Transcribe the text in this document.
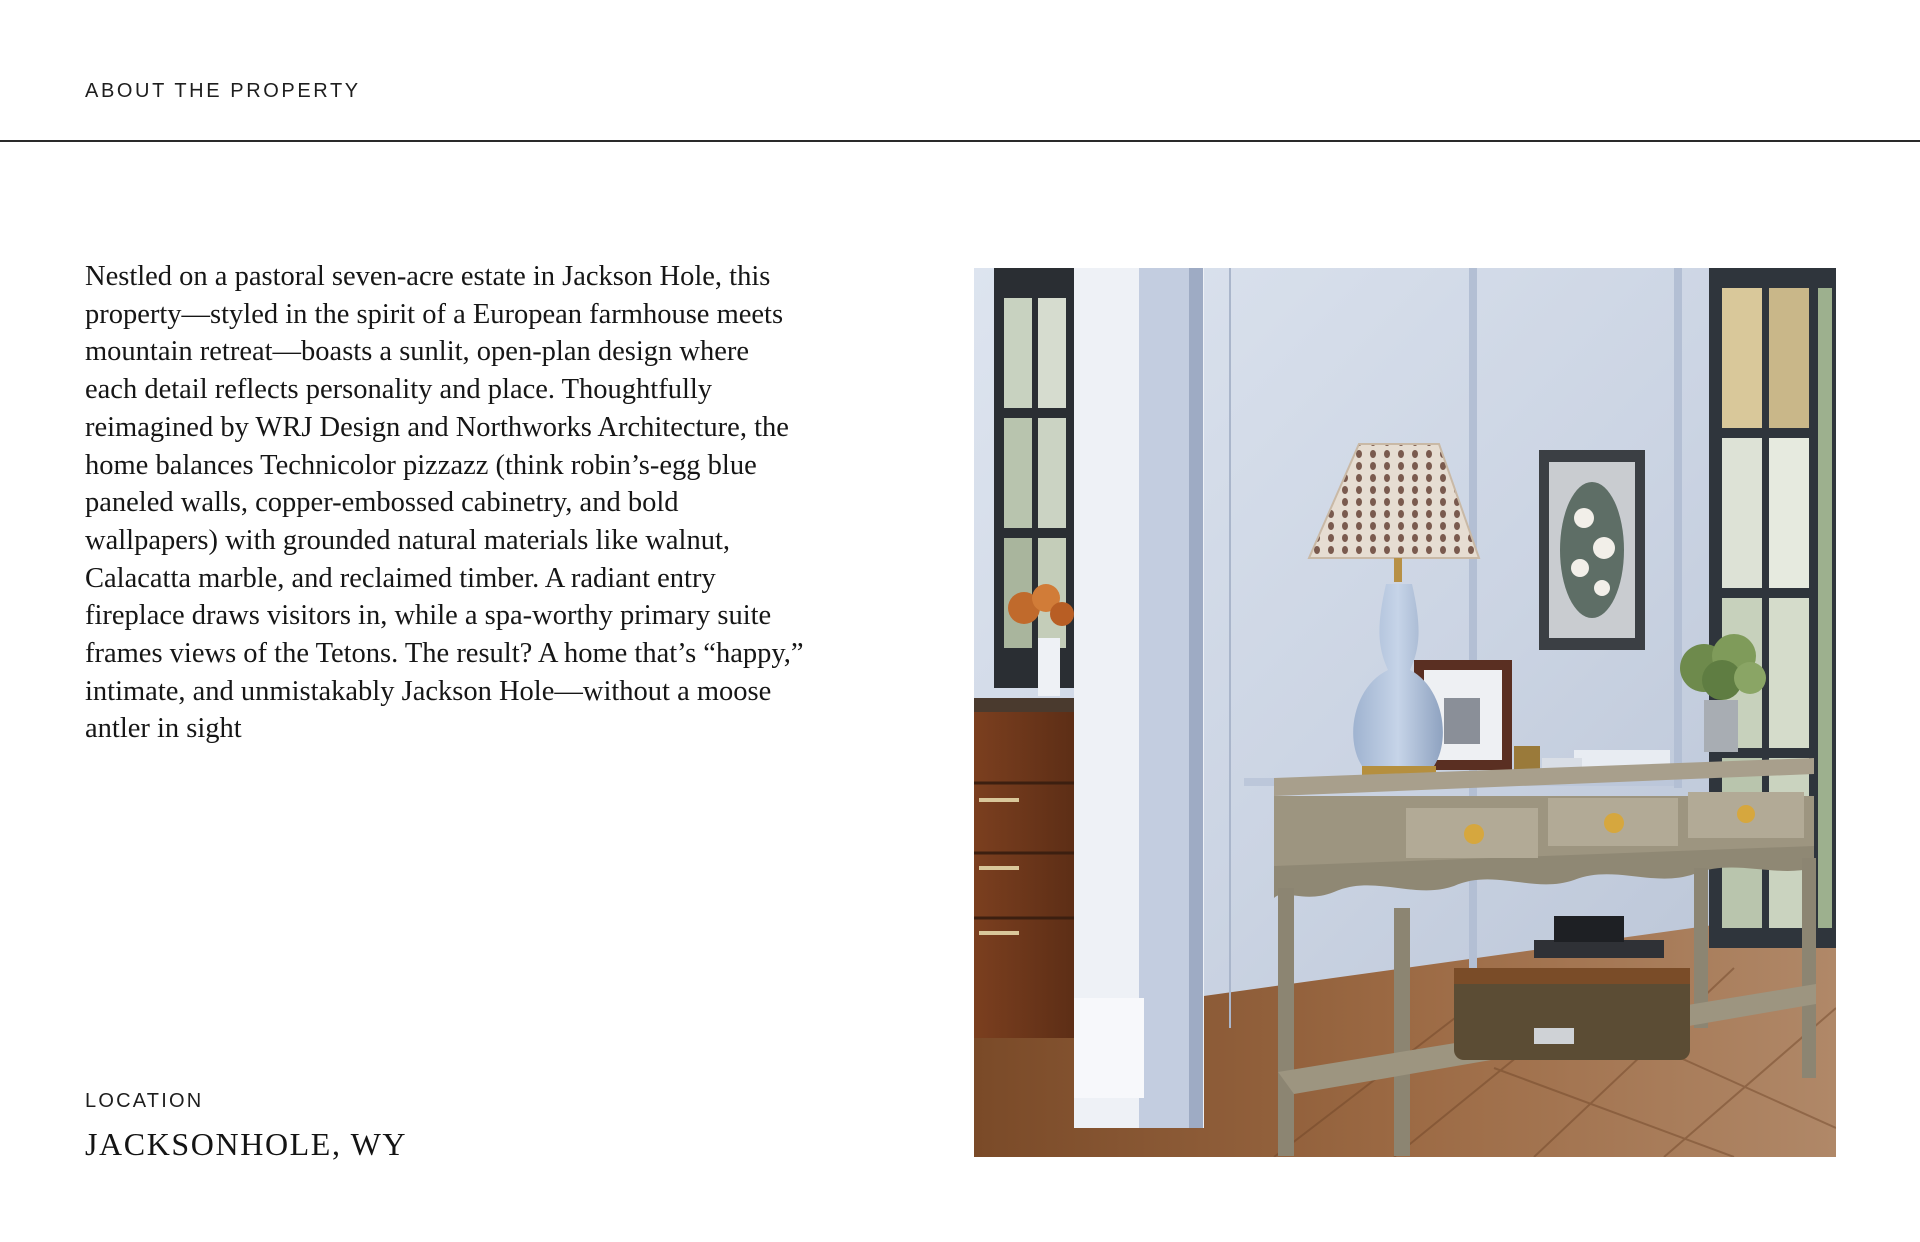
ABOUT THE PROPERTY

Nestled on a pastoral seven-acre estate in Jackson Hole, this property—styled in the spirit of a European farmhouse meets mountain retreat—boasts a sunlit, open-plan design where each detail reflects personality and place. Thoughtfully reimagined by WRJ Design and Northworks Architecture, the home balances Technicolor pizzazz (think robin’s-egg blue paneled walls, copper-embossed cabinetry, and bold wallpapers) with grounded natural materials like walnut, Calacatta marble, and reclaimed timber. A radiant entry fireplace draws visitors in, while a spa-worthy primary suite frames views of the Tetons. The result? A home that’s “happy,” intimate, and unmistakably Jackson Hole—without a moose antler in sight

LOCATION
JACKSONHOLE, WY
